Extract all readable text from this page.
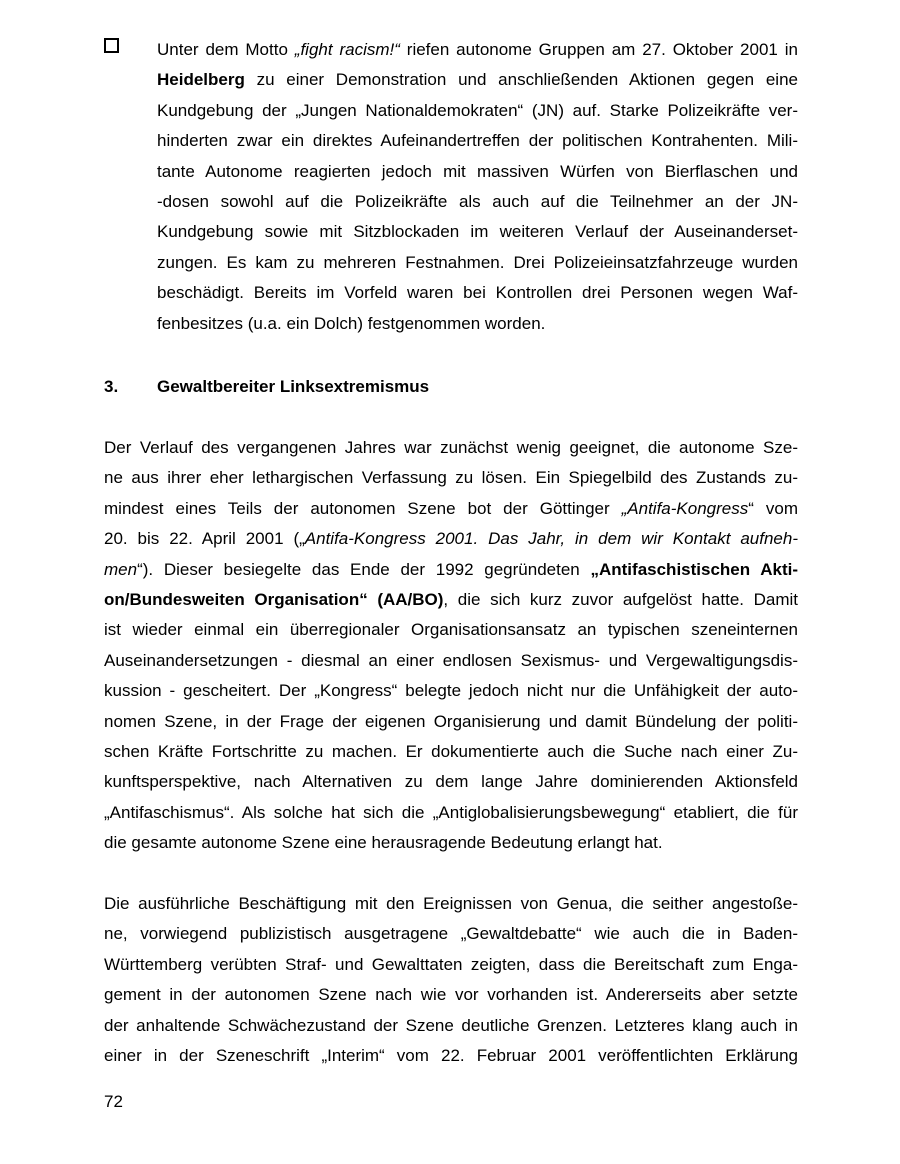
Unter dem Motto „fight racism!“ riefen autonome Gruppen am 27. Oktober 2001 in
Heidelberg zu einer Demonstration und anschließenden Aktionen gegen eine
Kundgebung der „Jungen Nationaldemokraten“ (JN) auf. Starke Polizeikräfte ver-
hinderten zwar ein direktes Aufeinandertreffen der politischen Kontrahenten. Mili-
tante Autonome reagierten jedoch mit massiven Würfen von Bierflaschen und
-dosen sowohl auf die Polizeikräfte als auch auf die Teilnehmer an der JN-
Kundgebung sowie mit Sitzblockaden im weiteren Verlauf der Auseinanderset-
zungen. Es kam zu mehreren Festnahmen. Drei Polizeieinsatzfahrzeuge wurden
beschädigt. Bereits im Vorfeld waren bei Kontrollen drei Personen wegen Waf-
fenbesitzes (u.a. ein Dolch) festgenommen worden.
3. Gewaltbereiter Linksextremismus
Der Verlauf des vergangenen Jahres war zunächst wenig geeignet, die autonome Sze-
ne aus ihrer eher lethargischen Verfassung zu lösen. Ein Spiegelbild des Zustands zu-
mindest eines Teils der autonomen Szene bot der Göttinger „Antifa-Kongress“ vom
20. bis 22. April 2001 („Antifa-Kongress 2001. Das Jahr, in dem wir Kontakt aufneh-
men“). Dieser besiegelte das Ende der 1992 gegründeten „Antifaschistischen Akti-
on/Bundesweiten Organisation“ (AA/BO), die sich kurz zuvor aufgelöst hatte. Damit
ist wieder einmal ein überregionaler Organisationsansatz an typischen szeneinternen
Auseinandersetzungen - diesmal an einer endlosen Sexismus- und Vergewaltigungsdis-
kussion - gescheitert. Der „Kongress“ belegte jedoch nicht nur die Unfähigkeit der auto-
nomen Szene, in der Frage der eigenen Organisierung und damit Bündelung der politi-
schen Kräfte Fortschritte zu machen. Er dokumentierte auch die Suche nach einer Zu-
kunftsperspektive, nach Alternativen zu dem lange Jahre dominierenden Aktionsfeld
„Antifaschismus“. Als solche hat sich die „Antiglobalisierungsbewegung“ etabliert, die für
die gesamte autonome Szene eine herausragende Bedeutung erlangt hat.
Die ausführliche Beschäftigung mit den Ereignissen von Genua, die seither angestoße-
ne, vorwiegend publizistisch ausgetragene „Gewaltdebatte“ wie auch die in Baden-
Württemberg verübten Straf- und Gewalttaten zeigten, dass die Bereitschaft zum Enga-
gement in der autonomen Szene nach wie vor vorhanden ist. Andererseits aber setzte
der anhaltende Schwächezustand der Szene deutliche Grenzen. Letzteres klang auch in
einer in der Szeneschrift „Interim“ vom 22. Februar 2001 veröffentlichten Erklärung
72
